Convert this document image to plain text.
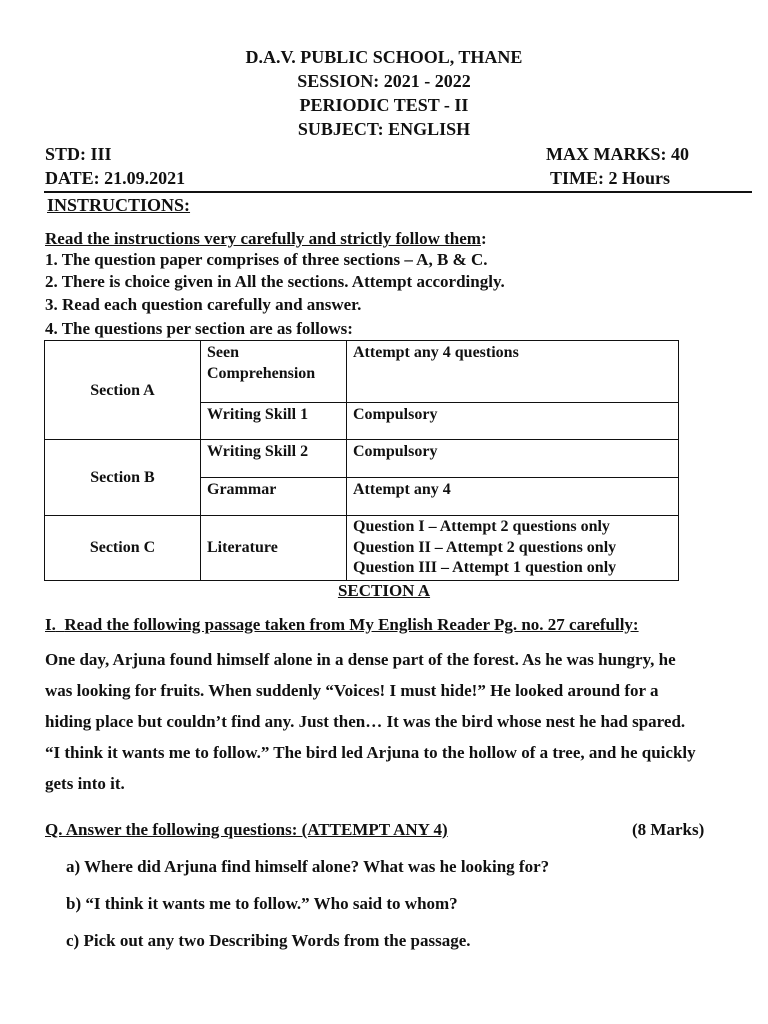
D.A.V. PUBLIC SCHOOL, THANE
SESSION: 2021 - 2022
PERIODIC TEST - II
SUBJECT: ENGLISH
STD: III	MAX MARKS: 40
DATE: 21.09.2021	TIME: 2 Hours
INSTRUCTIONS:
Read the instructions very carefully and strictly follow them:
1. The question paper comprises of three sections – A, B & C.
2. There is choice given in All the sections. Attempt accordingly.
3. Read each question carefully and answer.
4. The questions per section are as follows:
Section A	Seen Comprehension	Attempt any 4 questions
	Writing Skill 1	Compulsory
Section B	Writing Skill 2	Compulsory
	Grammar	Attempt any 4
Section C	Literature	Question I – Attempt 2 questions only
Question II – Attempt 2 questions only
Question III – Attempt 1 question only
SECTION A
I. Read the following passage taken from My English Reader Pg. no. 27 carefully:
One day, Arjuna found himself alone in a dense part of the forest. As he was hungry, he
was looking for fruits. When suddenly “Voices! I must hide!” He looked around for a
hiding place but couldn’t find any. Just then… It was the bird whose nest he had spared.
“I think it wants me to follow.” The bird led Arjuna to the hollow of a tree, and he quickly
gets into it.
Q. Answer the following questions: (ATTEMPT ANY 4)	(8 Marks)
a) Where did Arjuna find himself alone? What was he looking for?
b) “I think it wants me to follow.” Who said to whom?
c) Pick out any two Describing Words from the passage.
